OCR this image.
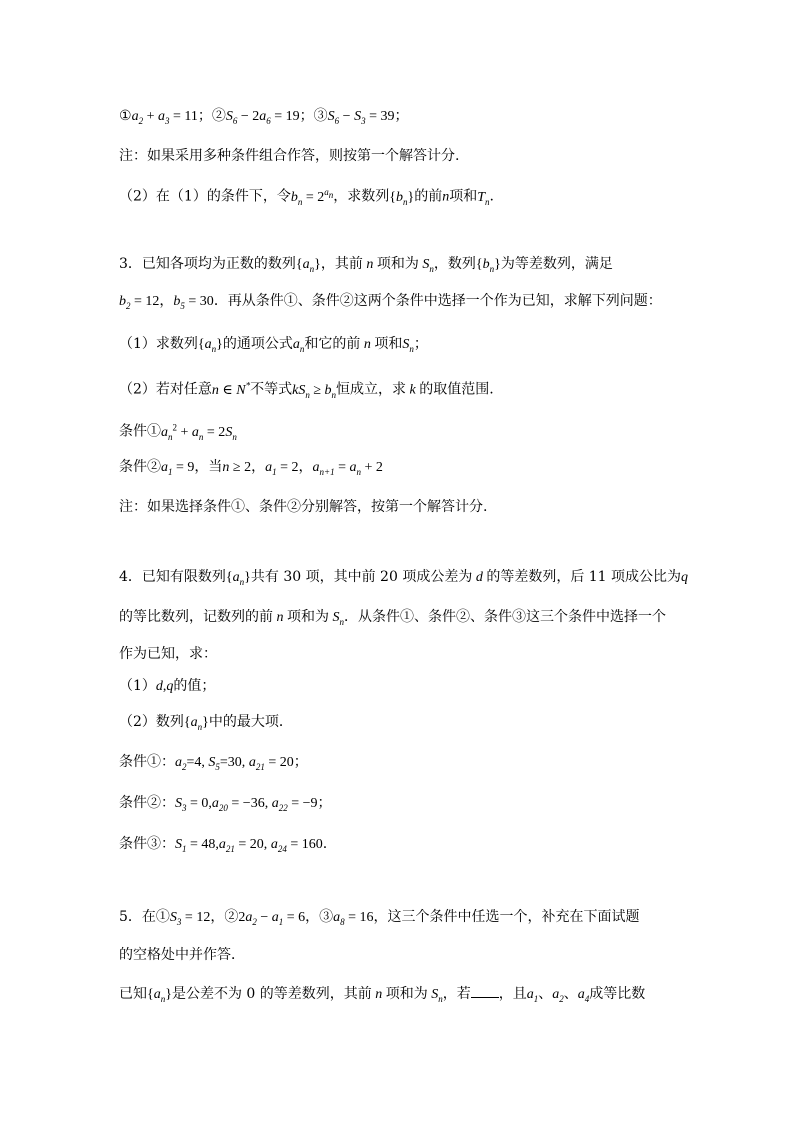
$①a_2 + a_3 = 11$；$②S_6 - 2a_6 = 19$；$③S_6 - S_3 = 39$；
注：如果采用多种条件组合作答，则按第一个解答计分.
（2）在（1）的条件下，令$b_n = 2^{a_n}$，求数列$\{b_n\}$的前n项和$T_n$.
3．已知各项均为正数的数列$\{a_n\}$，其前 n 项和为 $S_n$，数列$\{b_n\}$为等差数列，满足
$b_2 = 12$，$b_5 = 30$．再从条件①、条件②这两个条件中选择一个作为已知，求解下列问题：
（1）求数列$\{a_n\}$的通项公式$a_n$和它的前 n 项和$S_n$；
（2）若对任意n ∈ N*不等式$kS_n \ge b_n$恒成立，求 k 的取值范围.
条件$①a_n^2 + a_n = 2S_n$
条件$②a_1 = 9$，当n ≥ 2，$a_1 = 2$，$a_{n+1} = a_n + 2$
注：如果选择条件①、条件②分别解答，按第一个解答计分.
4．已知有限数列$\{a_n\}$共有 30 项，其中前 20 项成公差为 d 的等差数列，后 11 项成公比为q
的等比数列，记数列的前 n 项和为 $S_n$．从条件①、条件②、条件③这三个条件中选择一个
作为已知，求：
（1）d,q的值；
（2）数列$\{a_n\}$中的最大项．
条件①：$a_2=4$, $S_5=30$, $a_{21} = 20$；
条件②：$S_3 = 0,a_{20} = -36$, $a_{22} = -9$；
条件③：$S_1 = 48,a_{21} = 20$, $a_{24} = 160$.
5．在$①S_3 = 12$，$②2a_2 - a_1 = 6$，$③a_8 = 16$，这三个条件中任选一个，补充在下面试题
的空格处中并作答．
已知$\{a_n\}$是公差不为 0 的等差数列，其前 n 项和为 $S_n$，若 ，且$a_1$、$a_2$、$a_4$成等比数
